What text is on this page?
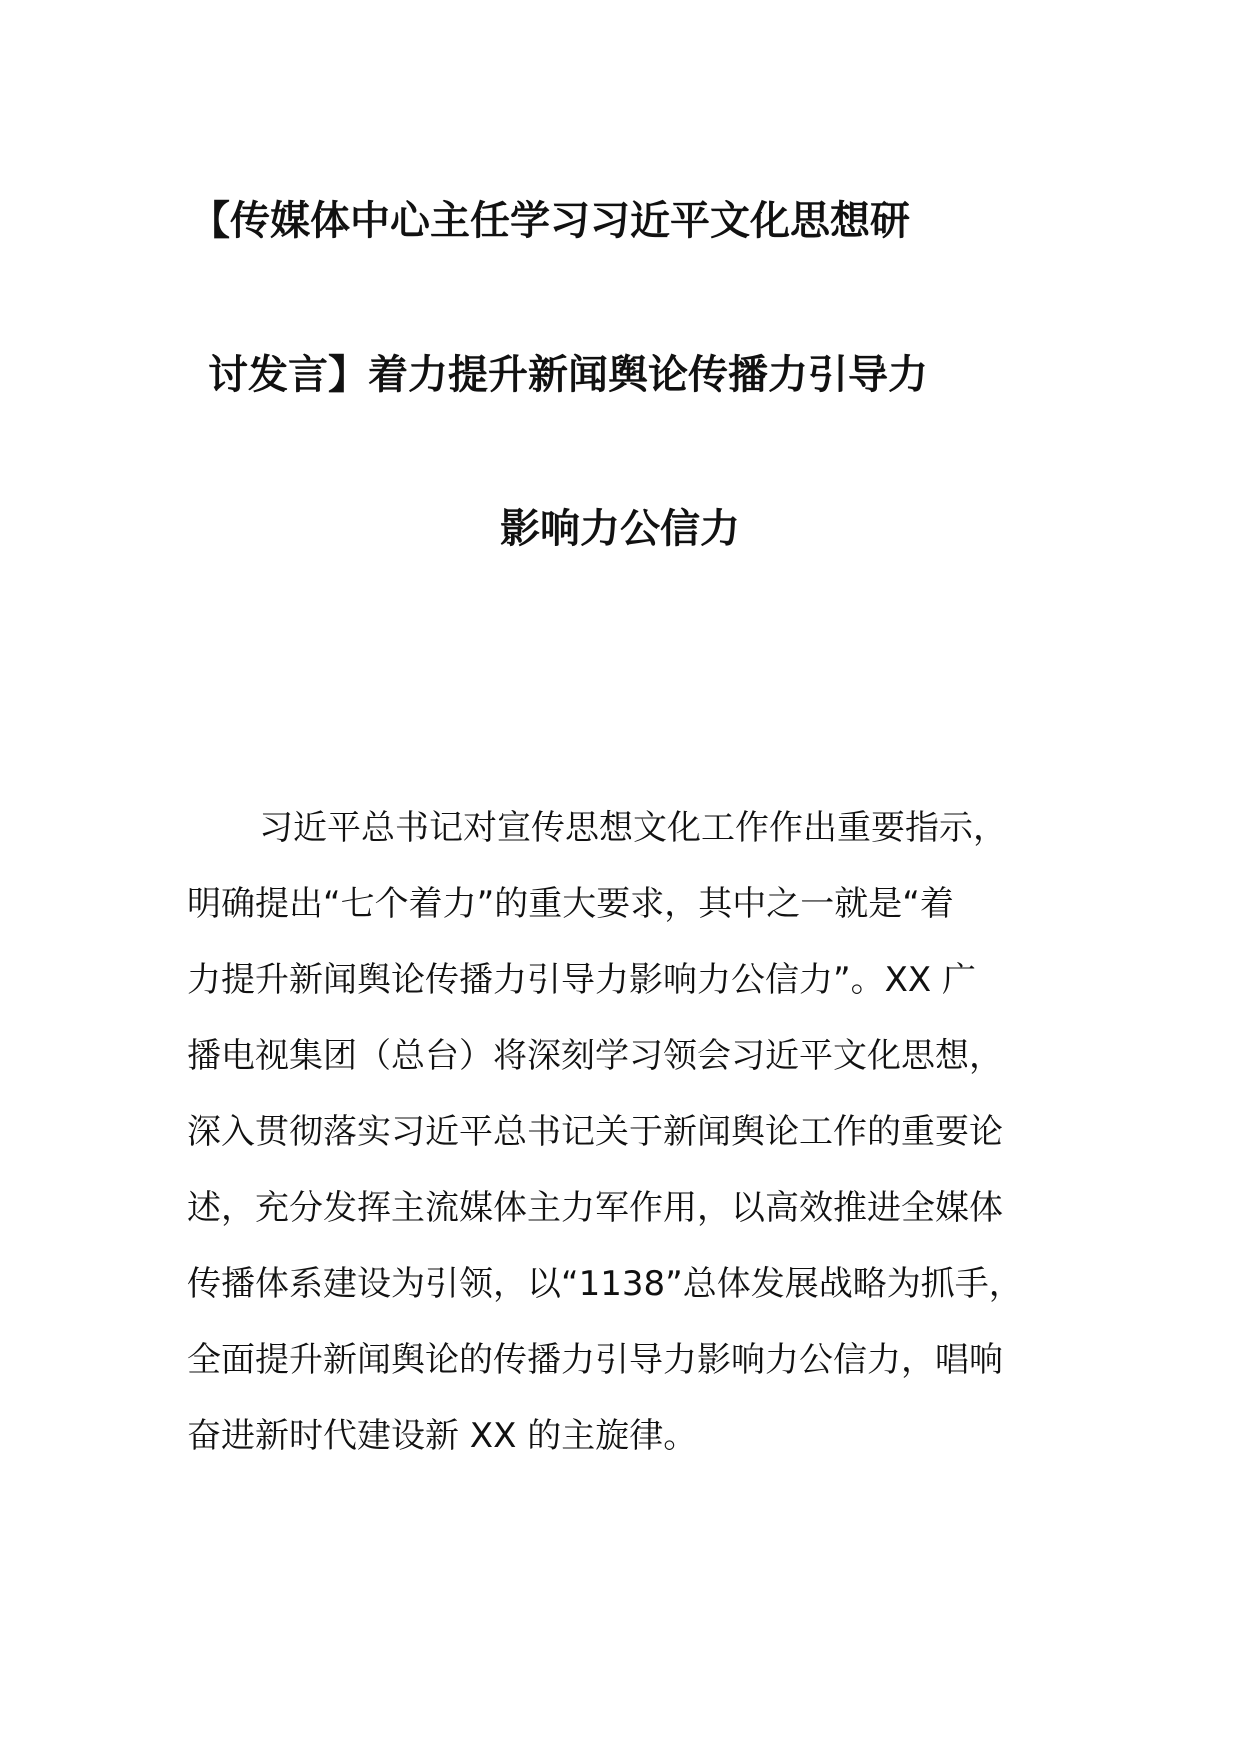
【传媒体中心主任学习习近平文化思想研
讨发言】着力提升新闻舆论传播力引导力
影响力公信力
习近平总书记对宣传思想文化工作作出重要指示，
明确提出“七个着力”的重大要求，其中之一就是“着
力提升新闻舆论传播力引导力影响力公信力”。XX 广
播电视集团（总台）将深刻学习领会习近平文化思想，
深入贯彻落实习近平总书记关于新闻舆论工作的重要论
述，充分发挥主流媒体主力军作用，以高效推进全媒体
传播体系建设为引领，以“1138”总体发展战略为抓手，
全面提升新闻舆论的传播力引导力影响力公信力，唱响
奋进新时代建设新 XX 的主旋律。
